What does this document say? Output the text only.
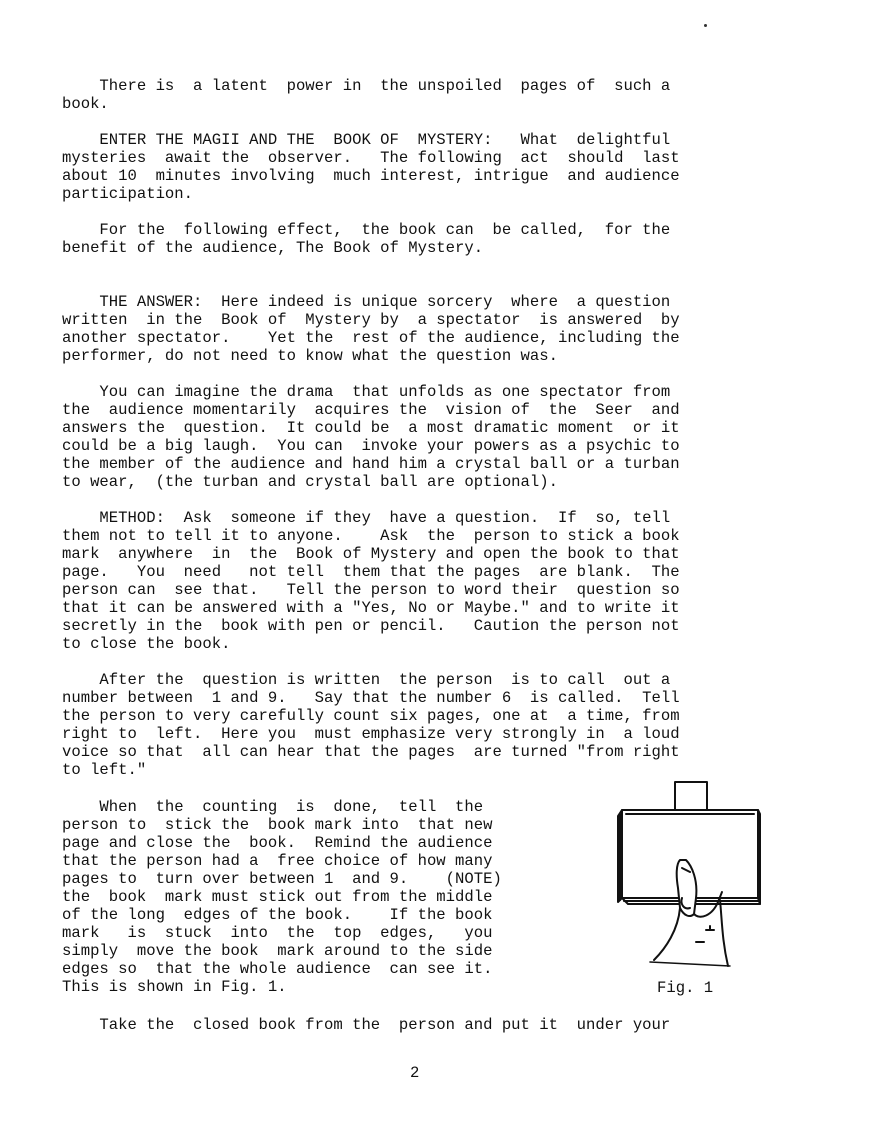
There is  a latent  power in  the unspoiled  pages of  such a
book.

ENTER THE MAGII AND THE  BOOK OF  MYSTERY:   What  delightful
mysteries  await the  observer.   The following  act  should  last
about 10  minutes involving  much interest, intrigue  and audience
participation.

For the  following effect,  the book can  be called,  for the
benefit of the audience, The Book of Mystery.

THE ANSWER:  Here indeed is unique sorcery  where  a question
written  in the  Book of  Mystery by  a spectator  is answered  by
another spectator.    Yet the  rest of the audience, including the
performer, do not need to know what the question was.

You can imagine the drama  that unfolds as one spectator from
the  audience momentarily  acquires the  vision of  the  Seer  and
answers the  question.  It could be  a most dramatic moment  or it
could be a big laugh.  You can  invoke your powers as a psychic to
the member of the audience and hand him a crystal ball or a turban
to wear,  (the turban and crystal ball are optional).

METHOD:  Ask  someone if they  have a question.  If  so, tell
them not to tell it to anyone.    Ask  the  person to stick a book
mark  anywhere  in  the  Book of Mystery and open the book to that
page.   You  need   not tell  them that the pages  are blank.  The
person can  see that.   Tell the person to word their  question so
that it can be answered with a "Yes, No or Maybe." and to write it
secretly in the  book with pen or pencil.   Caution the person not
to close the book.

After the  question is written  the person  is to call  out a
number between  1 and 9.   Say that the number 6  is called.  Tell
the person to very carefully count six pages, one at  a time, from
right to  left.  Here you  must emphasize very strongly in  a loud
voice so that  all can hear that the pages  are turned "from right
to left."

When  the  counting  is  done,  tell  the
person to  stick the  book mark into  that new
page and close the  book.  Remind the audience
that the person had a  free choice of how many
pages to  turn over between 1  and 9.    (NOTE)
the  book  mark must stick out from the middle
of the long  edges of the book.    If the book
mark   is  stuck  into  the  top  edges,   you
simply  move the book  mark around to the side
edges so  that the whole audience  can see it.
This is shown in Fig. 1.	Fig. 1

Take the  closed book from the  person and put it  under your

2
